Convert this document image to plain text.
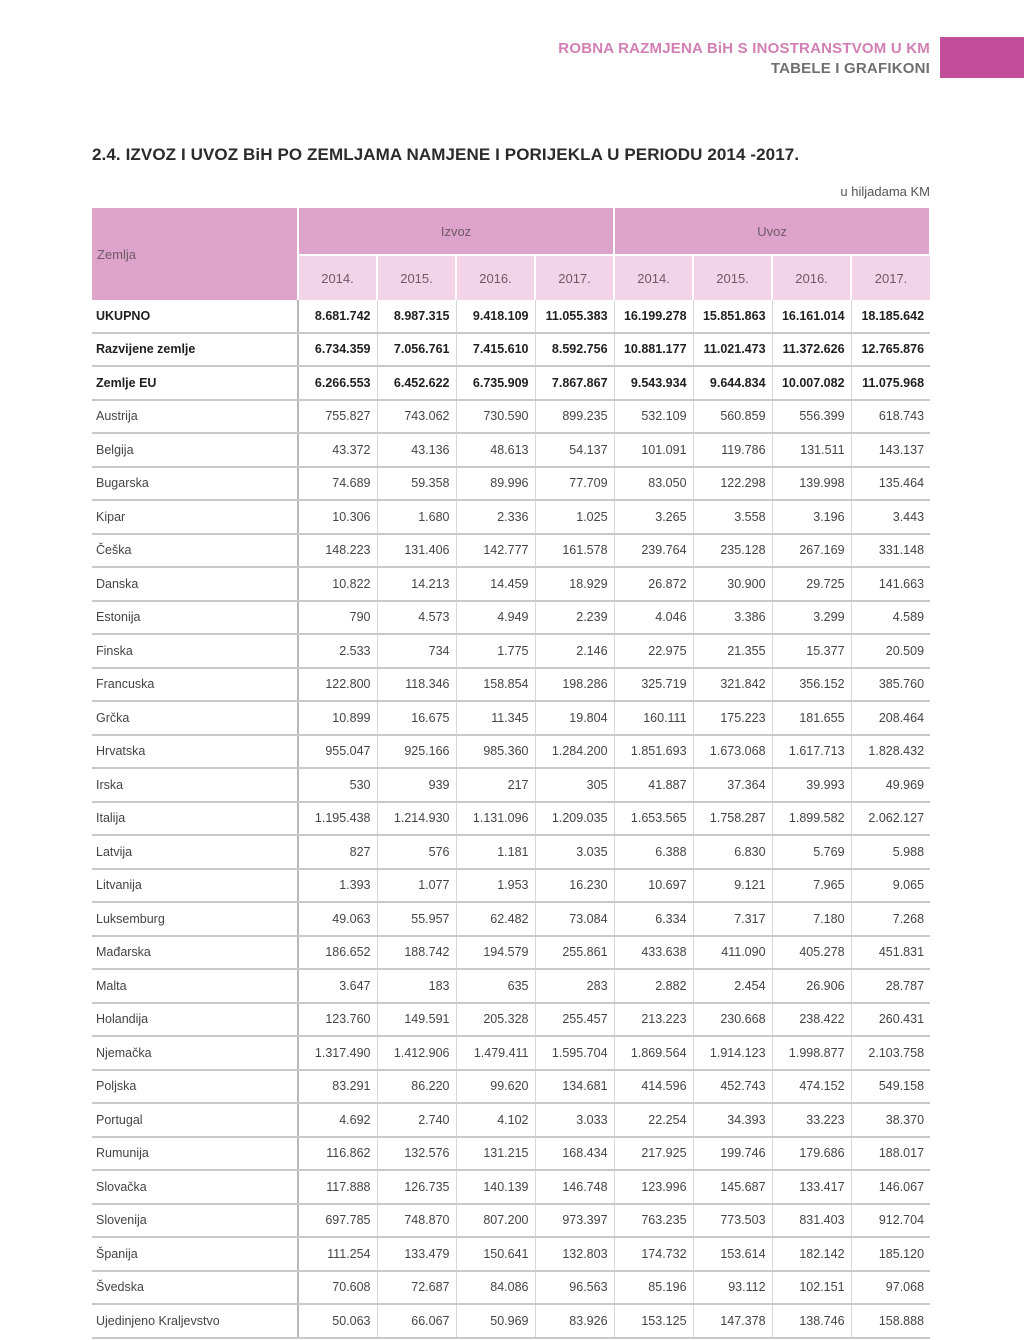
ROBNA RAZMJENA BiH S INOSTRANSTVOM U KM
TABELE I GRAFIKONI
2.4. IZVOZ I UVOZ BiH PO ZEMLJAMA NAMJENE I PORIJEKLA U PERIODU 2014 -2017.
u hiljadama KM
Zemlja	Izvoz				Uvoz			
	2014.	2015.	2016.	2017.	2014.	2015.	2016.	2017.
UKUPNO	8.681.742	8.987.315	9.418.109	11.055.383	16.199.278	15.851.863	16.161.014	18.185.642
Razvijene zemlje	6.734.359	7.056.761	7.415.610	8.592.756	10.881.177	11.021.473	11.372.626	12.765.876
Zemlje EU	6.266.553	6.452.622	6.735.909	7.867.867	9.543.934	9.644.834	10.007.082	11.075.968
Austrija	755.827	743.062	730.590	899.235	532.109	560.859	556.399	618.743
Belgija	43.372	43.136	48.613	54.137	101.091	119.786	131.511	143.137
Bugarska	74.689	59.358	89.996	77.709	83.050	122.298	139.998	135.464
Kipar	10.306	1.680	2.336	1.025	3.265	3.558	3.196	3.443
Češka	148.223	131.406	142.777	161.578	239.764	235.128	267.169	331.148
Danska	10.822	14.213	14.459	18.929	26.872	30.900	29.725	141.663
Estonija	790	4.573	4.949	2.239	4.046	3.386	3.299	4.589
Finska	2.533	734	1.775	2.146	22.975	21.355	15.377	20.509
Francuska	122.800	118.346	158.854	198.286	325.719	321.842	356.152	385.760
Grčka	10.899	16.675	11.345	19.804	160.111	175.223	181.655	208.464
Hrvatska	955.047	925.166	985.360	1.284.200	1.851.693	1.673.068	1.617.713	1.828.432
Irska	530	939	217	305	41.887	37.364	39.993	49.969
Italija	1.195.438	1.214.930	1.131.096	1.209.035	1.653.565	1.758.287	1.899.582	2.062.127
Latvija	827	576	1.181	3.035	6.388	6.830	5.769	5.988
Litvanija	1.393	1.077	1.953	16.230	10.697	9.121	7.965	9.065
Luksemburg	49.063	55.957	62.482	73.084	6.334	7.317	7.180	7.268
Mađarska	186.652	188.742	194.579	255.861	433.638	411.090	405.278	451.831
Malta	3.647	183	635	283	2.882	2.454	26.906	28.787
Holandija	123.760	149.591	205.328	255.457	213.223	230.668	238.422	260.431
Njemačka	1.317.490	1.412.906	1.479.411	1.595.704	1.869.564	1.914.123	1.998.877	2.103.758
Poljska	83.291	86.220	99.620	134.681	414.596	452.743	474.152	549.158
Portugal	4.692	2.740	4.102	3.033	22.254	34.393	33.223	38.370
Rumunija	116.862	132.576	131.215	168.434	217.925	199.746	179.686	188.017
Slovačka	117.888	126.735	140.139	146.748	123.996	145.687	133.417	146.067
Slovenija	697.785	748.870	807.200	973.397	763.235	773.503	831.403	912.704
Španija	111.254	133.479	150.641	132.803	174.732	153.614	182.142	185.120
Švedska	70.608	72.687	84.086	96.563	85.196	93.112	102.151	97.068
Ujedinjeno Kraljevstvo	50.063	66.067	50.969	83.926	153.125	147.378	138.746	158.888
